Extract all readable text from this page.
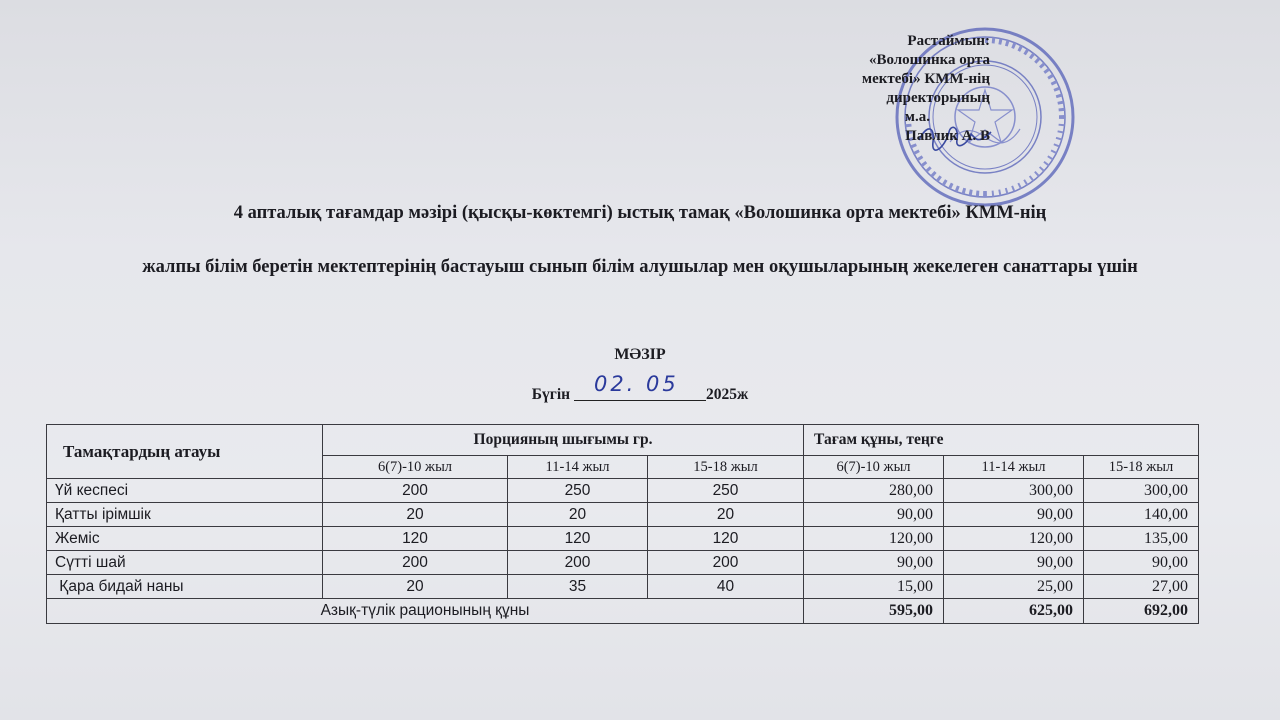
Растаймын:
«Волошинка орта
мектебі» КММ-нің
директорының
м.а.
Павлик А. В
4 апталық тағамдар мәзірі (қысқы-көктемгі) ыстық тамақ «Волошинка орта мектебі» КММ-нің
жалпы білім беретін мектептерінің бастауыш сынып білім алушылар мен оқушыларының жекелеген санаттары үшін
МӘЗІР
Бүгін 02. 05 2025ж
Тамақтардың атауы	Порцияның шығымы гр.			Тағам құны, теңге		
	6(7)-10 жыл	11-14 жыл	15-18 жыл	6(7)-10 жыл	11-14 жыл	15-18 жыл
Үй кеспесі	200	250	250	280,00	300,00	300,00
Қатты ірімшік	20	20	20	90,00	90,00	140,00
Жеміс	120	120	120	120,00	120,00	135,00
Сүтті шай	200	200	200	90,00	90,00	90,00
Қара бидай наны	20	35	40	15,00	25,00	27,00
Азық-түлік рационының құны				595,00	625,00	692,00
